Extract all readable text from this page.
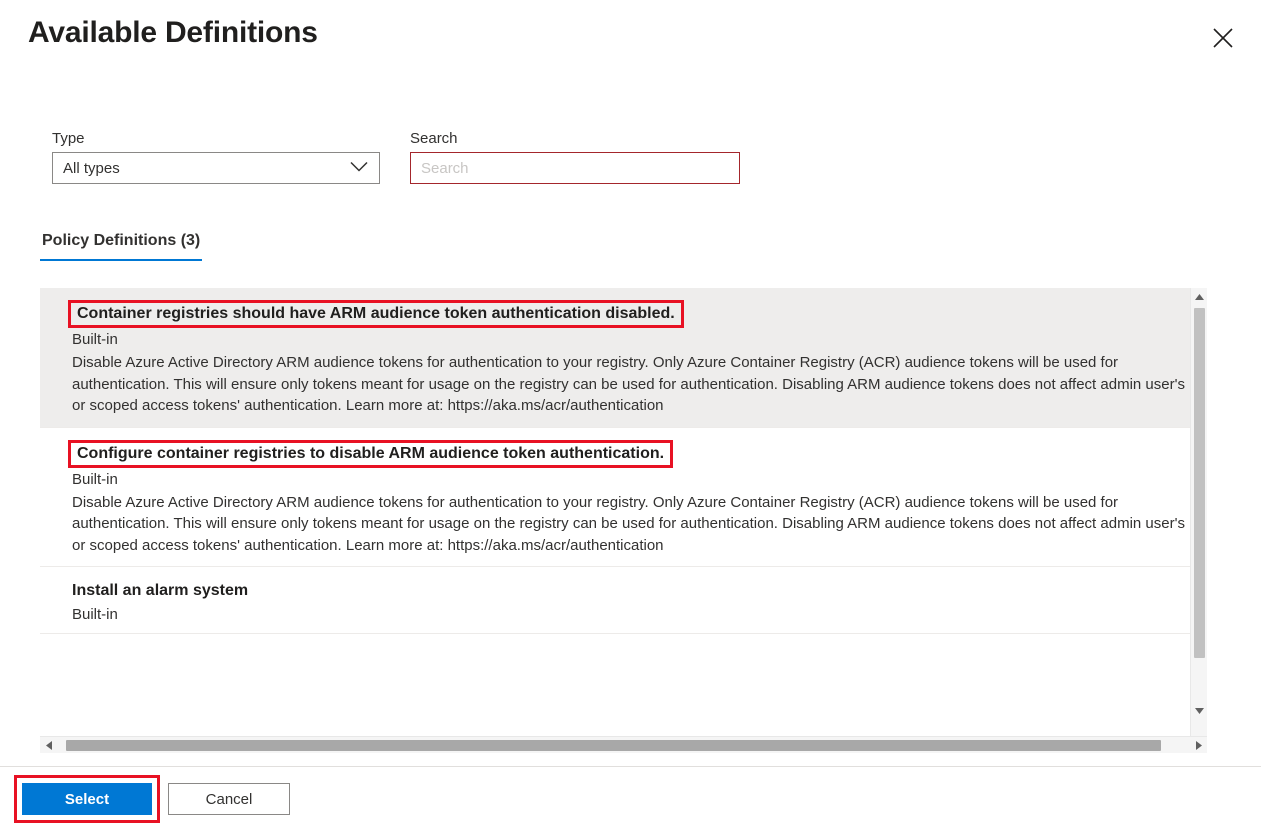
Available Definitions
Type
All types
Search
Search
Policy Definitions (3)
Container registries should have ARM audience token authentication disabled.
Built-in
Disable Azure Active Directory ARM audience tokens for authentication to your registry. Only Azure Container Registry (ACR) audience tokens will be used for authentication. This will ensure only tokens meant for usage on the registry can be used for authentication. Disabling ARM audience tokens does not affect admin user's or scoped access tokens' authentication. Learn more at: https://aka.ms/acr/authentication
Configure container registries to disable ARM audience token authentication.
Built-in
Disable Azure Active Directory ARM audience tokens for authentication to your registry. Only Azure Container Registry (ACR) audience tokens will be used for authentication. This will ensure only tokens meant for usage on the registry can be used for authentication. Disabling ARM audience tokens does not affect admin user's or scoped access tokens' authentication. Learn more at: https://aka.ms/acr/authentication
Install an alarm system
Built-in
Select	Cancel
